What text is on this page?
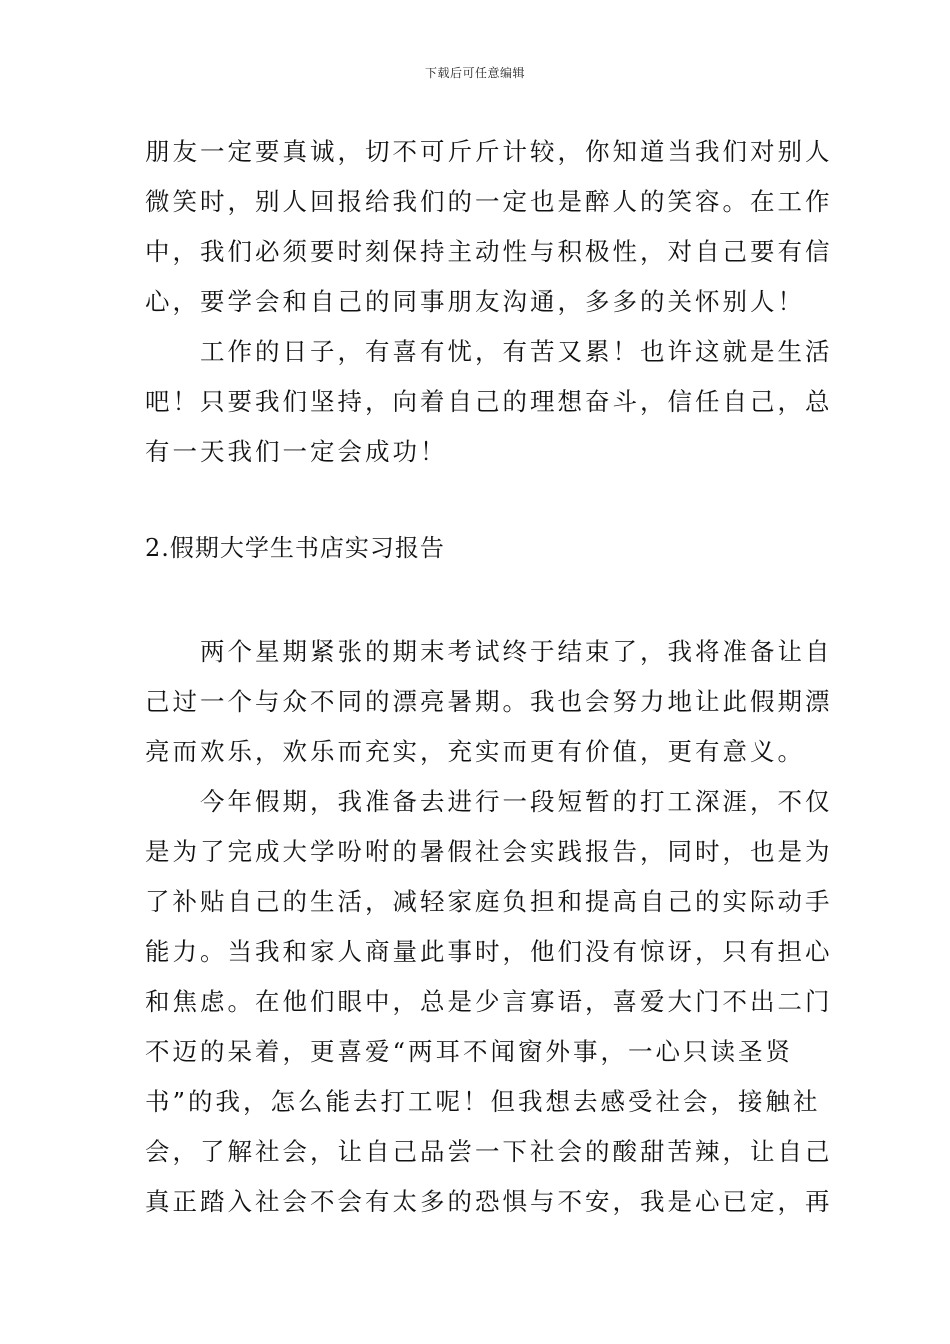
下载后可任意编辑

朋友一定要真诚，切不可斤斤计较，你知道当我们对别人
微笑时，别人回报给我们的一定也是醉人的笑容。在工作
中，我们必须要时刻保持主动性与积极性，对自己要有信
心，要学会和自己的同事朋友沟通，多多的关怀别人！

工作的日子，有喜有忧，有苦又累！也许这就是生活
吧！只要我们坚持，向着自己的理想奋斗，信任自己，总
有一天我们一定会成功！

2.假期大学生书店实习报告

两个星期紧张的期末考试终于结束了，我将准备让自
己过一个与众不同的漂亮暑期。我也会努力地让此假期漂
亮而欢乐，欢乐而充实，充实而更有价值，更有意义。

今年假期，我准备去进行一段短暂的打工深涯，不仅
是为了完成大学吩咐的暑假社会实践报告，同时，也是为
了补贴自己的生活，减轻家庭负担和提高自己的实际动手
能力。当我和家人商量此事时，他们没有惊讶，只有担心
和焦虑。在他们眼中，总是少言寡语，喜爱大门不出二门
不迈的呆着，更喜爱“两耳不闻窗外事，一心只读圣贤
书”的我，怎么能去打工呢！但我想去感受社会，接触社
会，了解社会，让自己品尝一下社会的酸甜苦辣，让自己
真正踏入社会不会有太多的恐惧与不安，我是心已定，再
